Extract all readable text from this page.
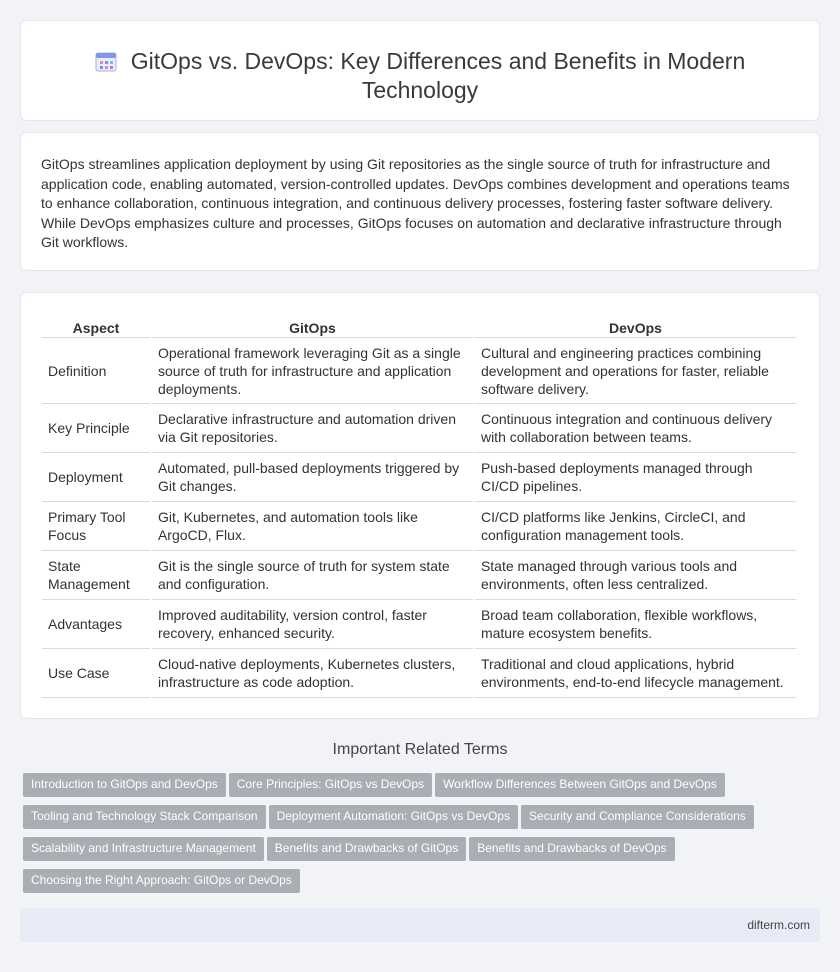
GitOps vs. DevOps: Key Differences and Benefits in Modern Technology

GitOps streamlines application deployment by using Git repositories as the single source of truth for infrastructure and application code, enabling automated, version-controlled updates. DevOps combines development and operations teams to enhance collaboration, continuous integration, and continuous delivery processes, fostering faster software delivery. While DevOps emphasizes culture and processes, GitOps focuses on automation and declarative infrastructure through Git workflows.

Aspect	GitOps	DevOps
Definition	Operational framework leveraging Git as a single source of truth for infrastructure and application deployments.	Cultural and engineering practices combining development and operations for faster, reliable software delivery.
Key Principle	Declarative infrastructure and automation driven via Git repositories.	Continuous integration and continuous delivery with collaboration between teams.
Deployment	Automated, pull-based deployments triggered by Git changes.	Push-based deployments managed through CI/CD pipelines.
Primary Tool Focus	Git, Kubernetes, and automation tools like ArgoCD, Flux.	CI/CD platforms like Jenkins, CircleCI, and configuration management tools.
State Management	Git is the single source of truth for system state and configuration.	State managed through various tools and environments, often less centralized.
Advantages	Improved auditability, version control, faster recovery, enhanced security.	Broad team collaboration, flexible workflows, mature ecosystem benefits.
Use Case	Cloud-native deployments, Kubernetes clusters, infrastructure as code adoption.	Traditional and cloud applications, hybrid environments, end-to-end lifecycle management.
Important Related Terms
Introduction to GitOps and DevOps Core Principles: GitOps vs DevOps Workflow Differences Between GitOps and DevOps
Tooling and Technology Stack Comparison Deployment Automation: GitOps vs DevOps Security and Compliance Considerations
Scalability and Infrastructure Management Benefits and Drawbacks of GitOps Benefits and Drawbacks of DevOps
Choosing the Right Approach: GitOps or DevOps
difterm.com
